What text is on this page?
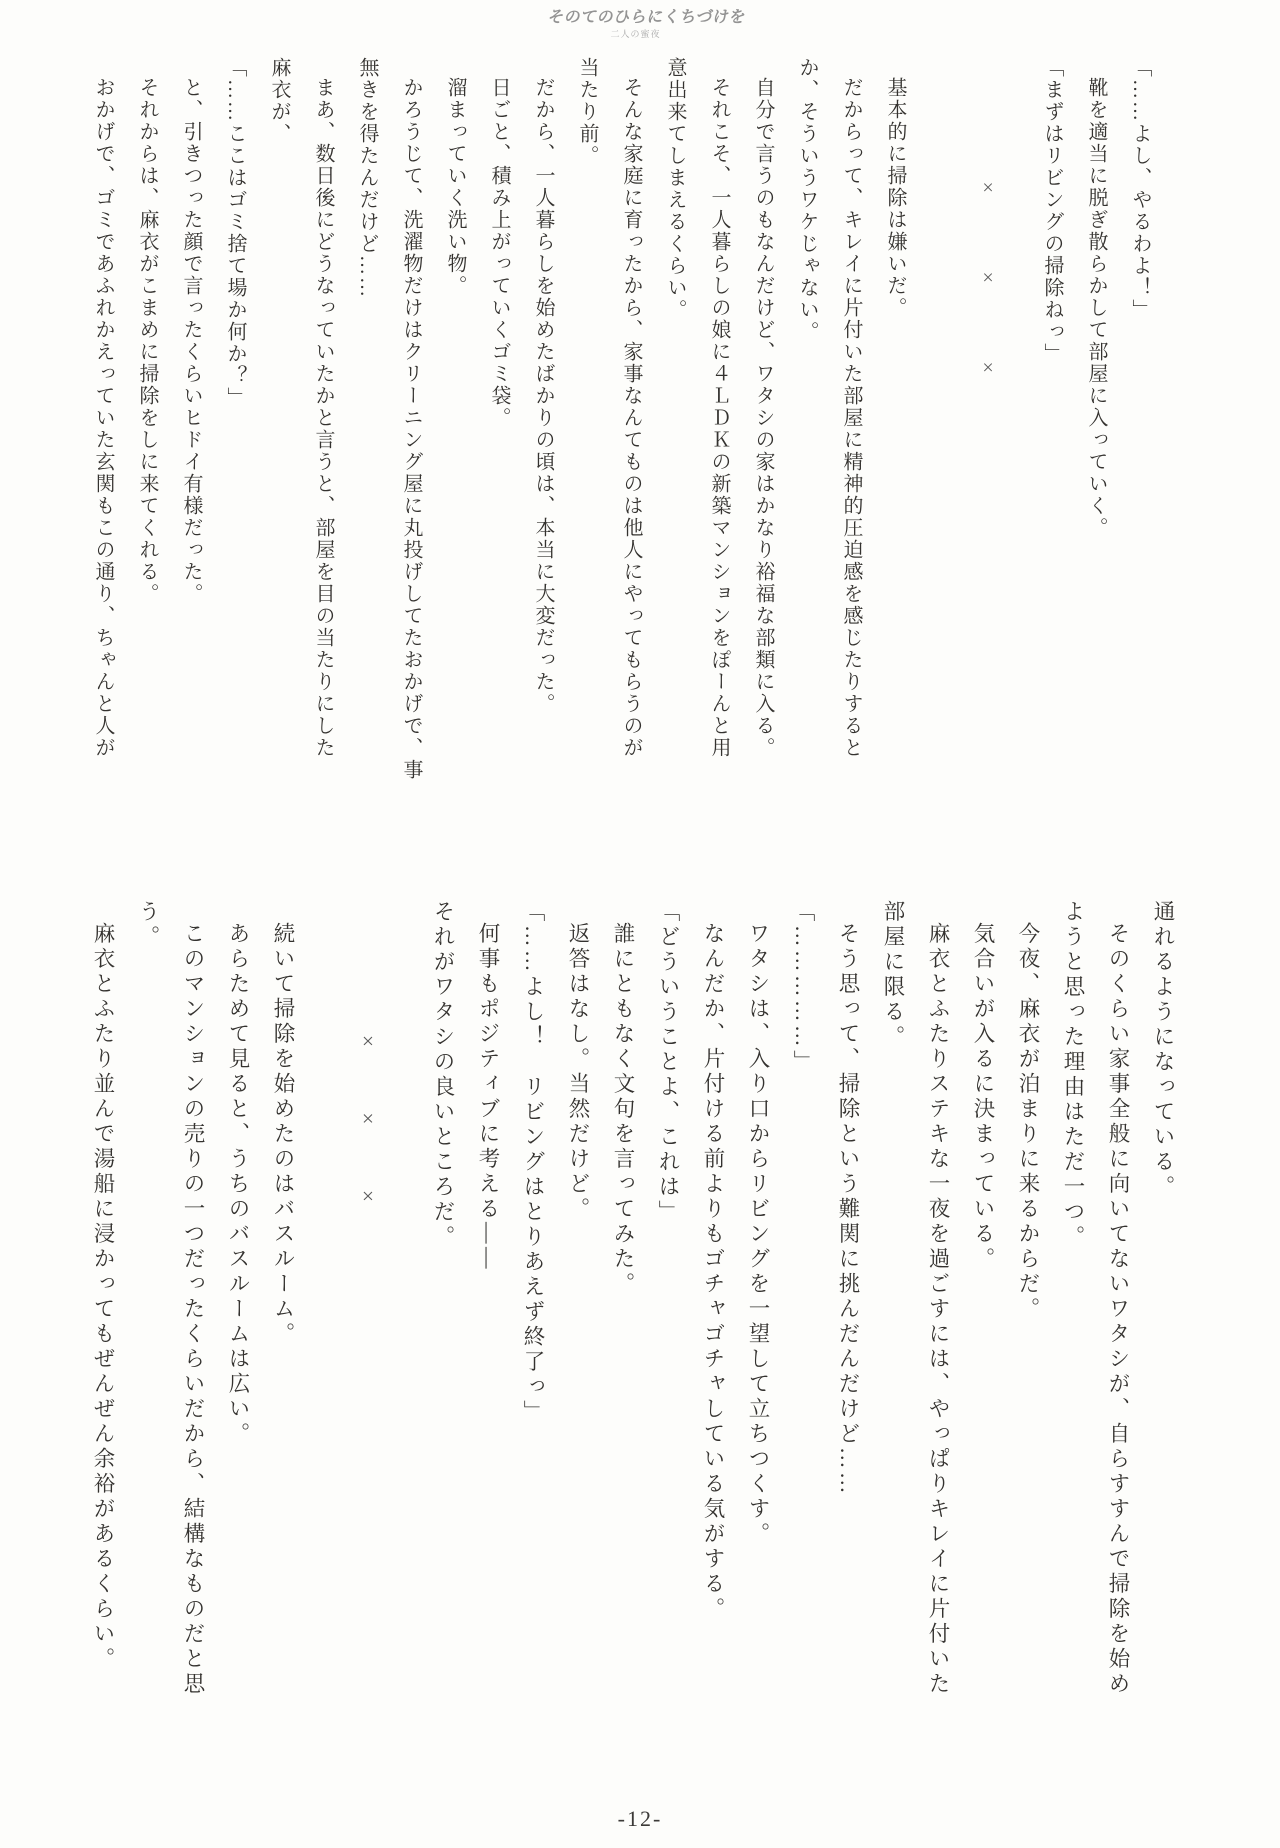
そのてのひらにくちづけを
二人の蜜夜

「……よし、やるわよ！」

靴を適当に脱ぎ散らかして部屋に入っていく。

「まずはリビングの掃除ねっ」

×　　　×　　　×

基本的に掃除は嫌いだ。

だからって、キレイに片付いた部屋に精神的圧迫感を感じたりすると

か、そういうワケじゃない。

自分で言うのもなんだけど、ワタシの家はかなり裕福な部類に入る。

それこそ、一人暮らしの娘に４ＬＤＫの新築マンションをぽーんと用

意出来てしまえるくらい。

そんな家庭に育ったから、家事なんてものは他人にやってもらうのが

当たり前。

だから、一人暮らしを始めたばかりの頃は、本当に大変だった。

日ごと、積み上がっていくゴミ袋。

溜まっていく洗い物。

かろうじて、洗濯物だけはクリーニング屋に丸投げしてたおかげで、事

無きを得たんだけど……

まあ、数日後にどうなっていたかと言うと、部屋を目の当たりにした

麻衣が、

「……ここはゴミ捨て場か何か？」

と、引きつった顔で言ったくらいヒドイ有様だった。

それからは、麻衣がこまめに掃除をしに来てくれる。

おかげで、ゴミであふれかえっていた玄関もこの通り、ちゃんと人が

通れるようになっている。

そのくらい家事全般に向いてないワタシが、自らすすんで掃除を始め

ようと思った理由はただ一つ。

今夜、麻衣が泊まりに来るからだ。

気合いが入るに決まっている。

麻衣とふたりステキな一夜を過ごすには、やっぱりキレイに片付いた

部屋に限る。

そう思って、掃除という難関に挑んだんだけど……

「……………」

ワタシは、入り口からリビングを一望して立ちつくす。

なんだか、片付ける前よりもゴチャゴチャしている気がする。

「どういうことよ、これは」

誰にともなく文句を言ってみた。

返答はなし。当然だけど。

「……よし！　リビングはとりあえず終了っ」

何事もポジティブに考える――

それがワタシの良いところだ。

×　　×　　×

続いて掃除を始めたのはバスルーム。

あらためて見ると、うちのバスルームは広い。

このマンションの売りの一つだったくらいだから、結構なものだと思

う。

麻衣とふたり並んで湯船に浸かってもぜんぜん余裕があるくらい。

-12-
